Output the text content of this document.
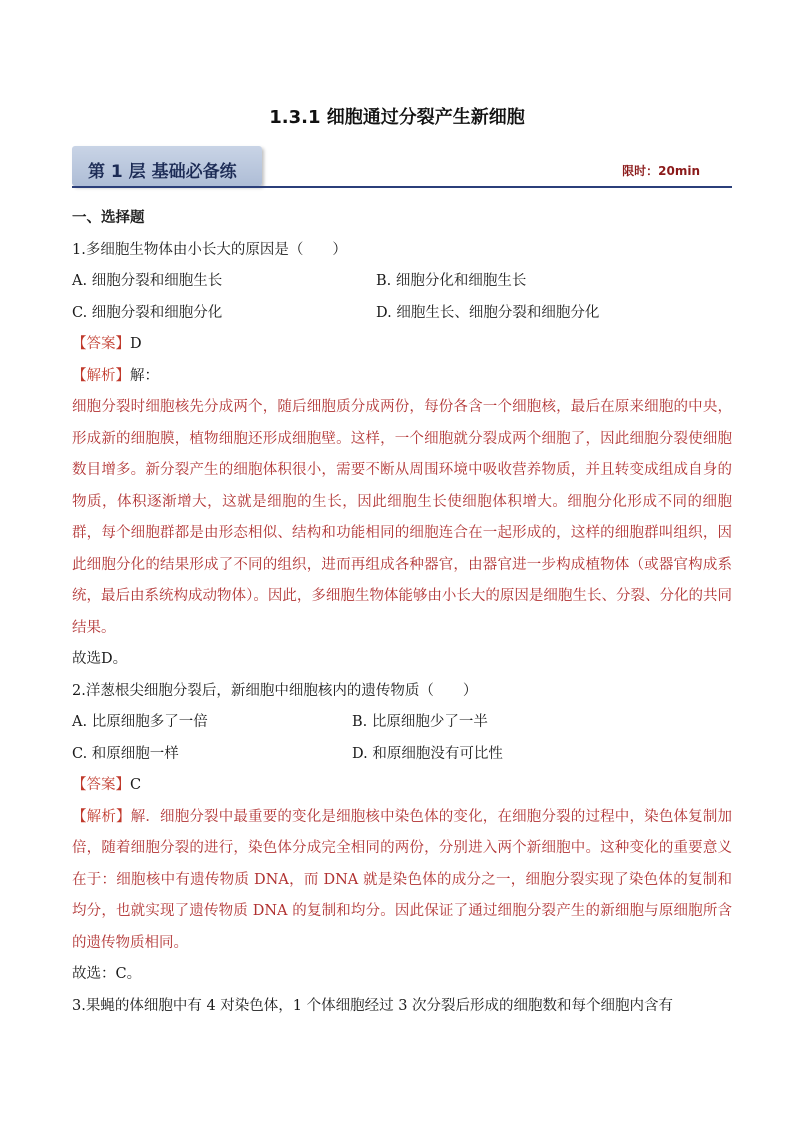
1.3.1 细胞通过分裂产生新细胞
第 1 层 基础必备练	限时：20min
一、选择题
1.多细胞生物体由小长大的原因是（　　）
A. 细胞分裂和细胞生长	B. 细胞分化和细胞生长
C. 细胞分裂和细胞分化	D. 细胞生长、细胞分裂和细胞分化
【答案】D
【解析】解：
细胞分裂时细胞核先分成两个，随后细胞质分成两份，每份各含一个细胞核，最后在原来细胞的中央，形成新的细胞膜，植物细胞还形成细胞壁。这样，一个细胞就分裂成两个细胞了，因此细胞分裂使细胞数目增多。新分裂产生的细胞体积很小，需要不断从周围环境中吸收营养物质，并且转变成组成自身的物质，体积逐渐增大，这就是细胞的生长，因此细胞生长使细胞体积增大。细胞分化形成不同的细胞群，每个细胞群都是由形态相似、结构和功能相同的细胞连合在一起形成的，这样的细胞群叫组织，因此细胞分化的结果形成了不同的组织，进而再组成各种器官，由器官进一步构成植物体（或器官构成系统，最后由系统构成动物体）。因此，多细胞生物体能够由小长大的原因是细胞生长、分裂、分化的共同结果。
故选D。
2.洋葱根尖细胞分裂后，新细胞中细胞核内的遗传物质（　　）
A. 比原细胞多了一倍	B. 比原细胞少了一半
C. 和原细胞一样	D. 和原细胞没有可比性
【答案】C
【解析】解．细胞分裂中最重要的变化是细胞核中染色体的变化，在细胞分裂的过程中，染色体复制加倍，随着细胞分裂的进行，染色体分成完全相同的两份，分别进入两个新细胞中。这种变化的重要意义在于：细胞核中有遗传物质 DNA，而 DNA 就是染色体的成分之一，细胞分裂实现了染色体的复制和均分，也就实现了遗传物质 DNA 的复制和均分。因此保证了通过细胞分裂产生的新细胞与原细胞所含的遗传物质相同。
故选：C。
3.果蝇的体细胞中有 4 对染色体，1 个体细胞经过 3 次分裂后形成的细胞数和每个细胞内含有
